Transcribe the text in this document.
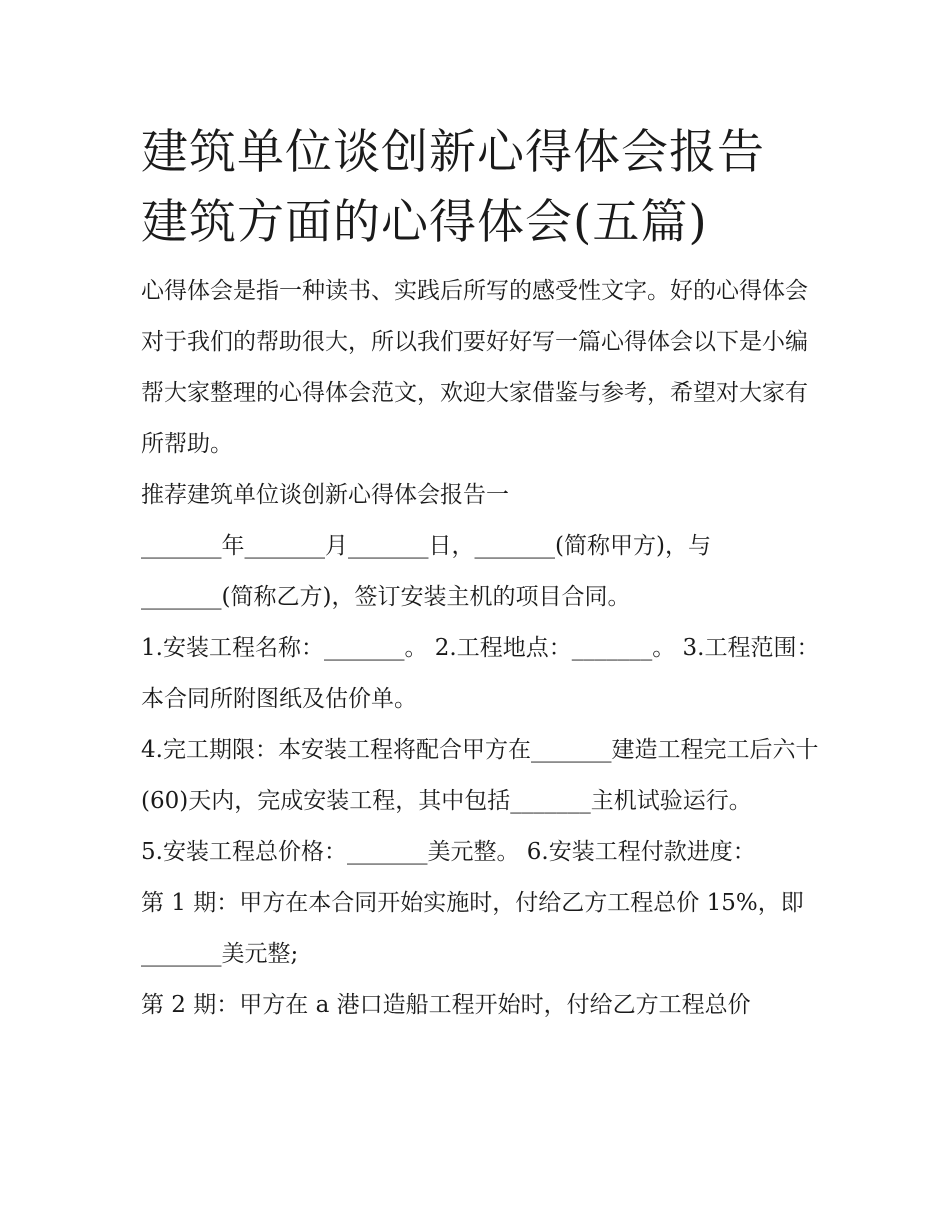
建筑单位谈创新心得体会报告
建筑方面的心得体会(五篇)

心得体会是指一种读书、实践后所写的感受性文字。好的心得体会对于我们的帮助很大，所以我们要好好写一篇心得体会以下是小编帮大家整理的心得体会范文，欢迎大家借鉴与参考，希望对大家有所帮助。

推荐建筑单位谈创新心得体会报告一

_______年_______月_______日，_______(简称甲方)，与_______(简称乙方)，签订安装主机的项目合同。

1.安装工程名称：_______。 2.工程地点：_______。 3.工程范围：本合同所附图纸及估价单。

4.完工期限：本安装工程将配合甲方在_______建造工程完工后六十(60)天内，完成安装工程，其中包括_______主机试验运行。

5.安装工程总价格：_______美元整。 6.安装工程付款进度：

第 1 期：甲方在本合同开始实施时，付给乙方工程总价 15%，即_______美元整;

第 2 期：甲方在 a 港口造船工程开始时，付给乙方工程总价
